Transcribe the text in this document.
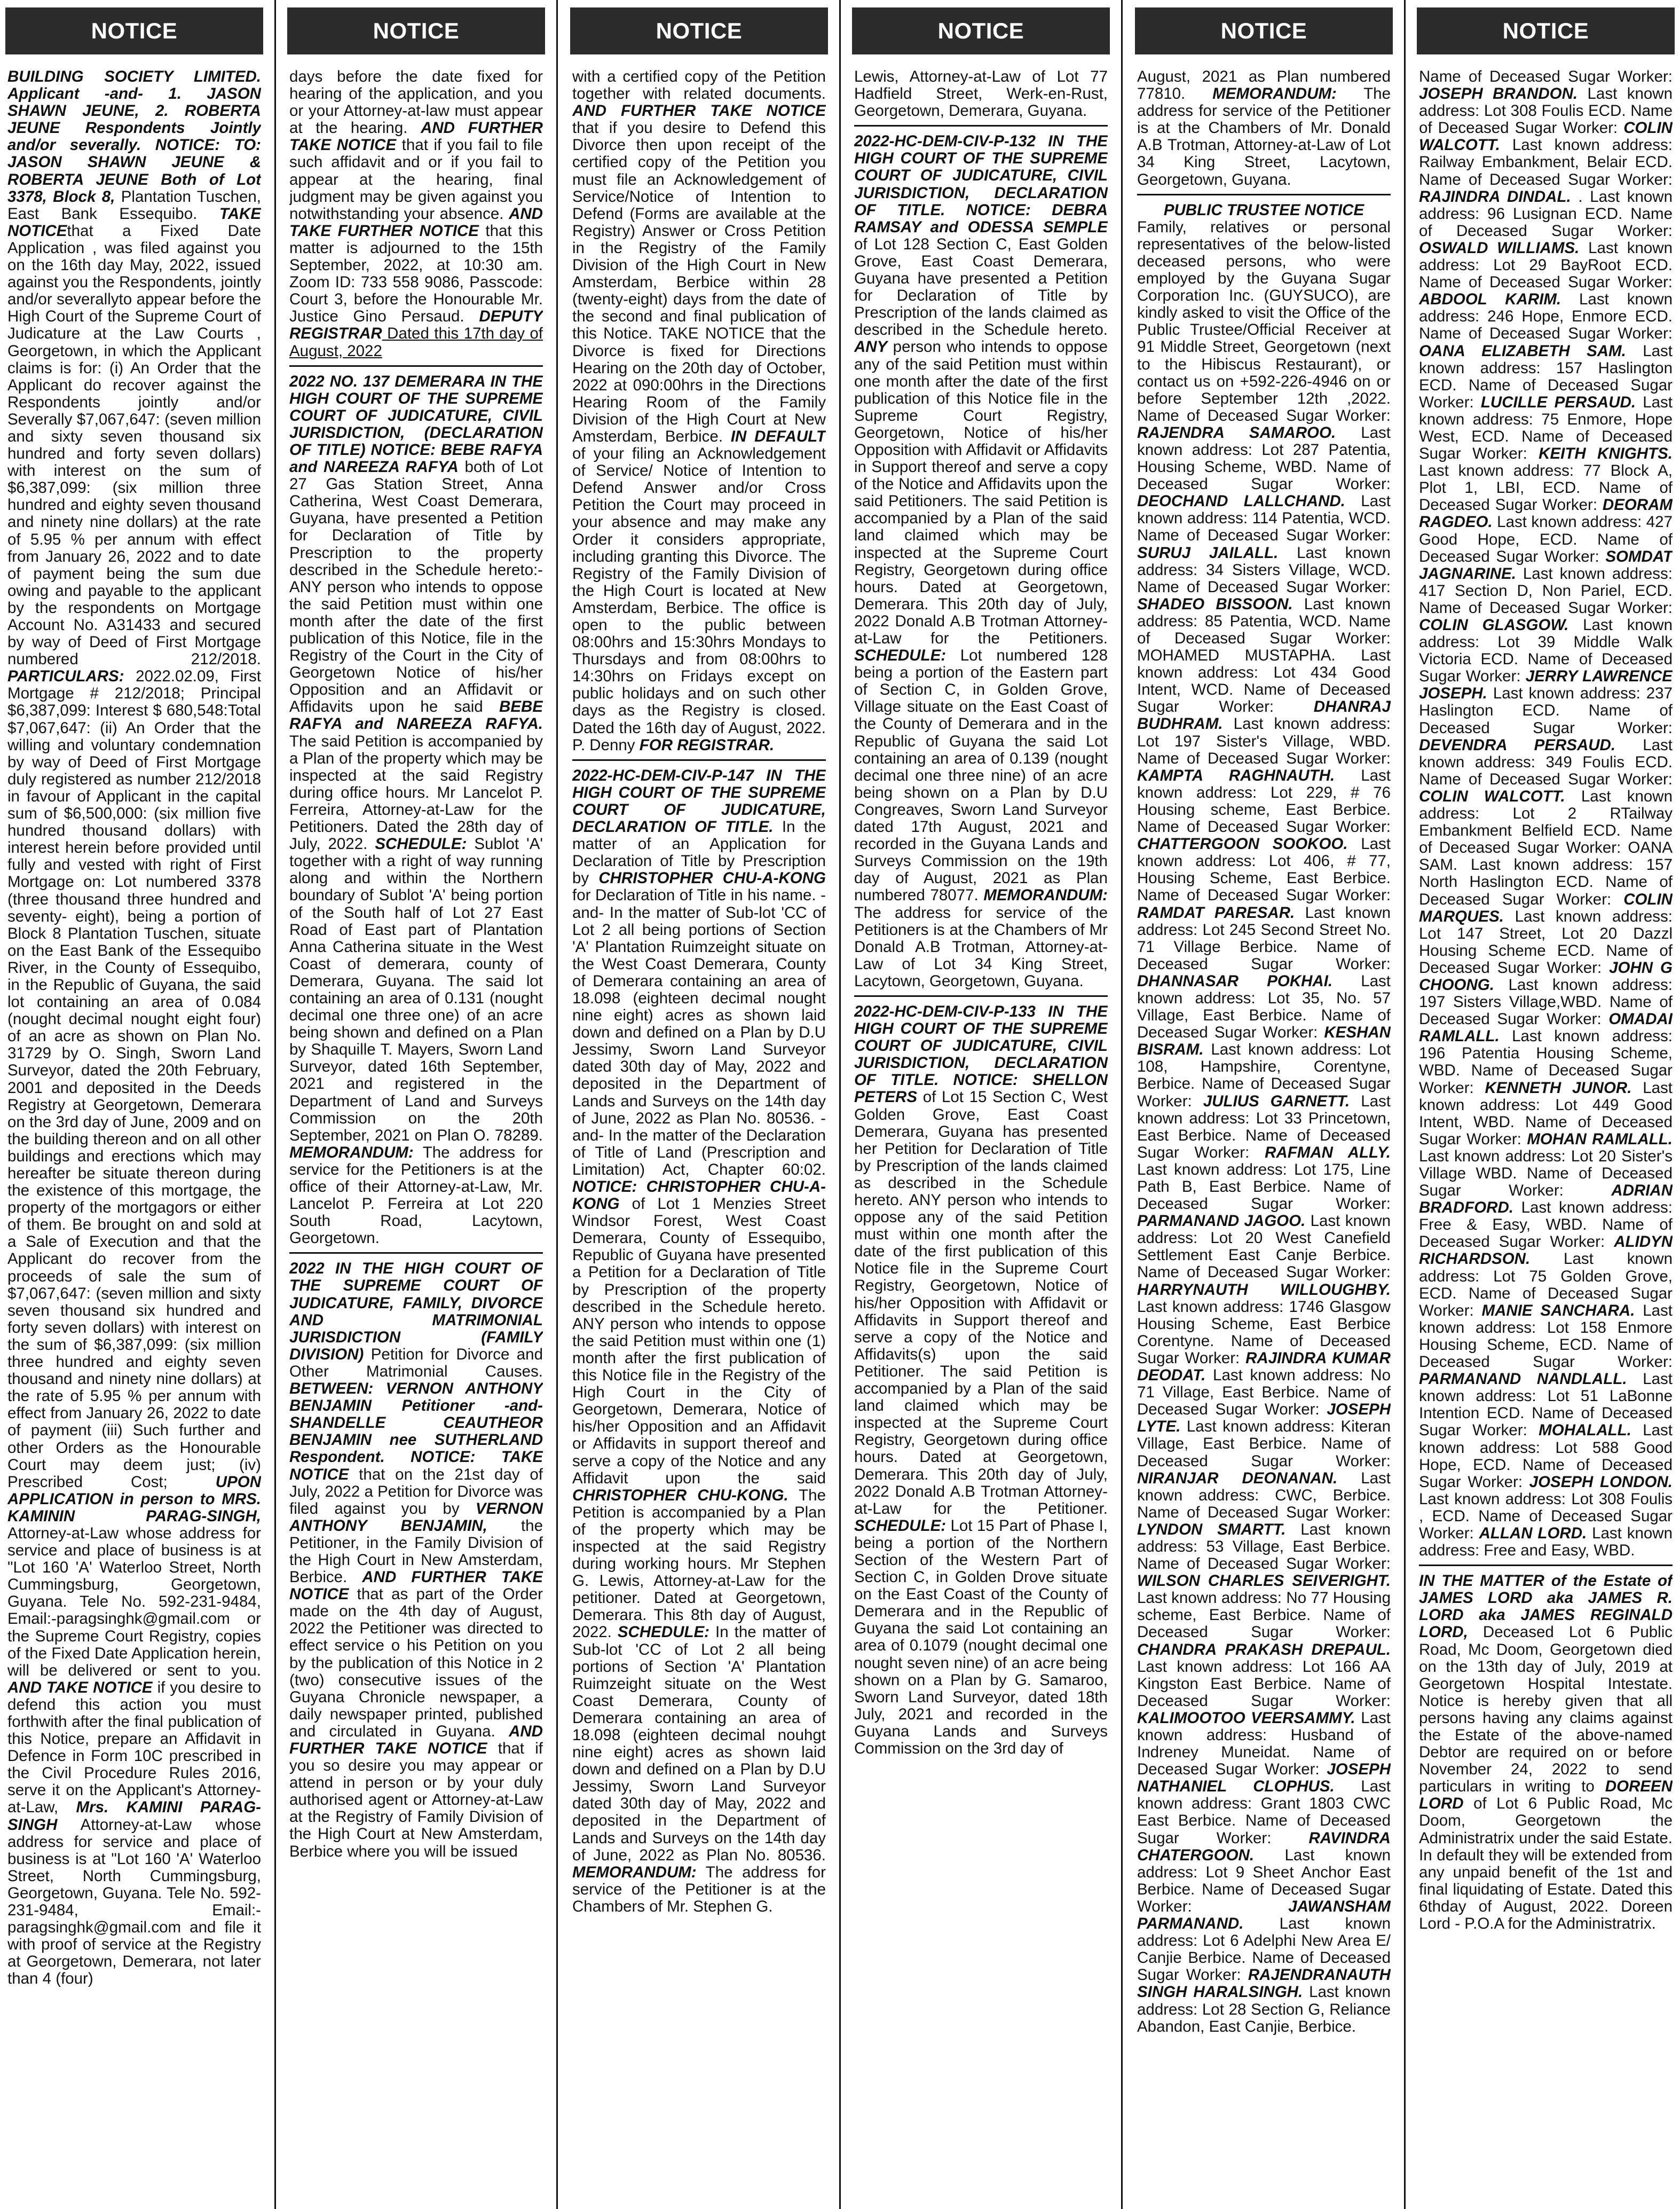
NOTICE

BUILDING SOCIETY LIMITED. Applicant -and- 1. JASON SHAWN JEUNE, 2. ROBERTA JEUNE Respondents Jointly and/or severally. NOTICE: TO: JASON SHAWN JEUNE & ROBERTA JEUNE Both of Lot 3378, Block 8, Plantation Tuschen, East Bank Essequibo. TAKE NOTICEthat a Fixed Date Application , was filed against you on the 16th day May, 2022, issued against you the Respondents, jointly and/or severallyto appear before the High Court of the Supreme Court of Judicature at the Law Courts , Georgetown, in which the Applicant claims is for: (i) An Order that the Applicant do recover against the Respondents jointly and/or Severally $7,067,647: (seven million and sixty seven thousand six hundred and forty seven dollars) with interest on the sum of $6,387,099: (six million three hundred and eighty seven thousand and ninety nine dollars) at the rate of 5.95 % per annum with effect from January 26, 2022 and to date of payment being the sum due owing and payable to the applicant by the respondents on Mortgage Account No. A31433 and secured by way of Deed of First Mortgage numbered 212/2018. PARTICULARS: 2022.02.09, First Mortgage # 212/2018; Principal $6,387,099: Interest $ 680,548:Total $7,067,647: (ii) An Order that the willing and voluntary condemnation by way of Deed of First Mortgage duly registered as number 212/2018 in favour of Applicant in the capital sum of $6,500,000: (six million five hundred thousand dollars) with interest herein before provided until fully and vested with right of First Mortgage on: Lot numbered 3378 (three thousand three hundred and seventy- eight), being a portion of Block 8 Plantation Tuschen, situate on the East Bank of the Essequibo River, in the County of Essequibo, in the Republic of Guyana, the said lot containing an area of 0.084 (nought decimal nought eight four) of an acre as shown on Plan No. 31729 by O. Singh, Sworn Land Surveyor, dated the 20th February, 2001 and deposited in the Deeds Registry at Georgetown, Demerara on the 3rd day of June, 2009 and on the building thereon and on all other buildings and erections which may hereafter be situate thereon during the existence of this mortgage, the property of the mortgagors or either of them. Be brought on and sold at a Sale of Execution and that the Applicant do recover from the proceeds of sale the sum of $7,067,647: (seven million and sixty seven thousand six hundred and forty seven dollars) with interest on the sum of $6,387,099: (six million three hundred and eighty seven thousand and ninety nine dollars) at the rate of 5.95 % per annum with effect from January 26, 2022 to date of payment (iii) Such further and other Orders as the Honourable Court may deem just; (iv) Prescribed Cost; UPON APPLICATION in person to MRS. KAMININ PARAG-SINGH, Attorney-at-Law whose address for service and place of business is at "Lot 160 'A' Waterloo Street, North Cummingsburg, Georgetown, Guyana. Tele No. 592-231-9484, Email:-paragsinghk@gmail.com or the Supreme Court Registry, copies of the Fixed Date Application herein, will be delivered or sent to you. AND TAKE NOTICE if you desire to defend this action you must forthwith after the final publication of this Notice, prepare an Affidavit in Defence in Form 10C prescribed in the Civil Procedure Rules 2016, serve it on the Applicant's Attorney-at-Law, Mrs. KAMINI PARAG-SINGH Attorney-at-Law whose address for service and place of business is at "Lot 160 'A' Waterloo Street, North Cummingsburg, Georgetown, Guyana. Tele No. 592-231-9484, Email:-paragsinghk@gmail.com and file it with proof of service at the Registry at Georgetown, Demerara, not later than 4 (four)

NOTICE

days before the date fixed for hearing of the application, and you or your Attorney-at-law must appear at the hearing. AND FURTHER TAKE NOTICE that if you fail to file such affidavit and or if you fail to appear at the hearing, final judgment may be given against you notwithstanding your absence. AND TAKE FURTHER NOTICE that this matter is adjourned to the 15th September, 2022, at 10:30 am. Zoom ID: 733 558 9086, Passcode: Court 3, before the Honourable Mr. Justice Gino Persaud. DEPUTY REGISTRAR Dated this 17th day of August, 2022

2022 NO. 137 DEMERARA IN THE HIGH COURT OF THE SUPREME COURT OF JUDICATURE, CIVIL JURISDICTION, (DECLARATION OF TITLE) NOTICE: BEBE RAFYA and NAREEZA RAFYA both of Lot 27 Gas Station Street, Anna Catherina, West Coast Demerara, Guyana, have presented a Petition for Declaration of Title by Prescription to the property described in the Schedule hereto:- ANY person who intends to oppose the said Petition must within one month after the date of the first publication of this Notice, file in the Registry of the Court in the City of Georgetown Notice of his/her Opposition and an Affidavit or Affidavits upon he said BEBE RAFYA and NAREEZA RAFYA. The said Petition is accompanied by a Plan of the property which may be inspected at the said Registry during office hours. Mr Lancelot P. Ferreira, Attorney-at-Law for the Petitioners. Dated the 28th day of July, 2022. SCHEDULE: Sublot 'A' together with a right of way running along and within the Northern boundary of Sublot 'A' being portion of the South half of Lot 27 East Road of East part of Plantation Anna Catherina situate in the West Coast of demerara, county of Demerara, Guyana. The said lot containing an area of 0.131 (nought decimal one three one) of an acre being shown and defined on a Plan by Shaquille T. Mayers, Sworn Land Surveyor, dated 16th September, 2021 and registered in the Department of Land and Surveys Commission on the 20th September, 2021 on Plan O. 78289. MEMORANDUM: The address for service for the Petitioners is at the office of their Attorney-at-Law, Mr. Lancelot P. Ferreira at Lot 220 South Road, Lacytown, Georgetown.

2022 IN THE HIGH COURT OF THE SUPREME COURT OF JUDICATURE, FAMILY, DIVORCE AND MATRIMONIAL JURISDICTION (FAMILY DIVISION) Petition for Divorce and Other Matrimonial Causes. BETWEEN: VERNON ANTHONY BENJAMIN Petitioner -and- SHANDELLE CEAUTHEOR BENJAMIN nee SUTHERLAND Respondent. NOTICE: TAKE NOTICE that on the 21st day of July, 2022 a Petition for Divorce was filed against you by VERNON ANTHONY BENJAMIN, the Petitioner, in the Family Division of the High Court in New Amsterdam, Berbice. AND FURTHER TAKE NOTICE that as part of the Order made on the 4th day of August, 2022 the Petitioner was directed to effect service o his Petition on you by the publication of this Notice in 2 (two) consecutive issues of the Guyana Chronicle newspaper, a daily newspaper printed, published and circulated in Guyana. AND FURTHER TAKE NOTICE that if you so desire you may appear or attend in person or by your duly authorised agent or Attorney-at-Law at the Registry of Family Division of the High Court at New Amsterdam, Berbice where you will be issued

NOTICE

with a certified copy of the Petition together with related documents. AND FURTHER TAKE NOTICE that if you desire to Defend this Divorce then upon receipt of the certified copy of the Petition you must file an Acknowledgement of Service/Notice of Intention to Defend (Forms are available at the Registry) Answer or Cross Petition in the Registry of the Family Division of the High Court in New Amsterdam, Berbice within 28 (twenty-eight) days from the date of the second and final publication of this Notice. TAKE NOTICE that the Divorce is fixed for Directions Hearing on the 20th day of October, 2022 at 090:00hrs in the Directions Hearing Room of the Family Division of the High Court at New Amsterdam, Berbice. IN DEFAULT of your filing an Acknowledgement of Service/ Notice of Intention to Defend Answer and/or Cross Petition the Court may proceed in your absence and may make any Order it considers appropriate, including granting this Divorce. The Registry of the Family Division of the High Court is located at New Amsterdam, Berbice. The office is open to the public between 08:00hrs and 15:30hrs Mondays to Thursdays and from 08:00hrs to 14:30hrs on Fridays except on public holidays and on such other days as the Registry is closed. Dated the 16th day of August, 2022. P. Denny FOR REGISTRAR.

2022-HC-DEM-CIV-P-147 IN THE HIGH COURT OF THE SUPREME COURT OF JUDICATURE, DECLARATION OF TITLE. In the matter of an Application for Declaration of Title by Prescription by CHRISTOPHER CHU-A-KONG for Declaration of Title in his name. -and- In the matter of Sub-lot 'CC of Lot 2 all being portions of Section 'A' Plantation Ruimzeight situate on the West Coast Demerara, County of Demerara containing an area of 18.098 (eighteen decimal nought nine eight) acres as shown laid down and defined on a Plan by D.U Jessimy, Sworn Land Surveyor dated 30th day of May, 2022 and deposited in the Department of Lands and Surveys on the 14th day of June, 2022 as Plan No. 80536. -and- In the matter of the Declaration of Title of Land (Prescription and Limitation) Act, Chapter 60:02. NOTICE: CHRISTOPHER CHU-A-KONG of Lot 1 Menzies Street Windsor Forest, West Coast Demerara, County of Essequibo, Republic of Guyana have presented a Petition for a Declaration of Title by Prescription of the property described in the Schedule hereto. ANY person who intends to oppose the said Petition must within one (1) month after the first publication of this Notice file in the Registry of the High Court in the City of Georgetown, Demerara, Notice of his/her Opposition and an Affidavit or Affidavits in support thereof and serve a copy of the Notice and any Affidavit upon the said CHRISTOPHER CHU-KONG. The Petition is accompanied by a Plan of the property which may be inspected at the said Registry during working hours. Mr Stephen G. Lewis, Attorney-at-Law for the petitioner. Dated at Georgetown, Demerara. This 8th day of August, 2022. SCHEDULE: In the matter of Sub-lot 'CC of Lot 2 all being portions of Section 'A' Plantation Ruimzeight situate on the West Coast Demerara, County of Demerara containing an area of 18.098 (eighteen decimal nouhgt nine eight) acres as shown laid down and defined on a Plan by D.U Jessimy, Sworn Land Surveyor dated 30th day of May, 2022 and deposited in the Department of Lands and Surveys on the 14th day of June, 2022 as Plan No. 80536. MEMORANDUM: The address for service of the Petitioner is at the Chambers of Mr. Stephen G.

NOTICE

Lewis, Attorney-at-Law of Lot 77 Hadfield Street, Werk-en-Rust, Georgetown, Demerara, Guyana.

2022-HC-DEM-CIV-P-132 IN THE HIGH COURT OF THE SUPREME COURT OF JUDICATURE, CIVIL JURISDICTION, DECLARATION OF TITLE. NOTICE: DEBRA RAMSAY and ODESSA SEMPLE of Lot 128 Section C, East Golden Grove, East Coast Demerara, Guyana have presented a Petition for Declaration of Title by Prescription of the lands claimed as described in the Schedule hereto. ANY person who intends to oppose any of the said Petition must within one month after the date of the first publication of this Notice file in the Supreme Court Registry, Georgetown, Notice of his/her Opposition with Affidavit or Affidavits in Support thereof and serve a copy of the Notice and Affidavits upon the said Petitioners. The said Petition is accompanied by a Plan of the said land claimed which may be inspected at the Supreme Court Registry, Georgetown during office hours. Dated at Georgetown, Demerara. This 20th day of July, 2022 Donald A.B Trotman Attorney-at-Law for the Petitioners. SCHEDULE: Lot numbered 128 being a portion of the Eastern part of Section C, in Golden Grove, Village situate on the East Coast of the County of Demerara and in the Republic of Guyana the said Lot containing an area of 0.139 (nought decimal one three nine) of an acre being shown on a Plan by D.U Congreaves, Sworn Land Surveyor dated 17th August, 2021 and recorded in the Guyana Lands and Surveys Commission on the 19th day of August, 2021 as Plan numbered 78077. MEMORANDUM: The address for service of the Petitioners is at the Chambers of Mr Donald A.B Trotman, Attorney-at-Law of Lot 34 King Street, Lacytown, Georgetown, Guyana.

2022-HC-DEM-CIV-P-133 IN THE HIGH COURT OF THE SUPREME COURT OF JUDICATURE, CIVIL JURISDICTION, DECLARATION OF TITLE. NOTICE: SHELLON PETERS of Lot 15 Section C, West Golden Grove, East Coast Demerara, Guyana has presented her Petition for Declaration of Title by Prescription of the lands claimed as described in the Schedule hereto. ANY person who intends to oppose any of the said Petition must within one month after the date of the first publication of this Notice file in the Supreme Court Registry, Georgetown, Notice of his/her Opposition with Affidavit or Affidavits in Support thereof and serve a copy of the Notice and Affidavits(s) upon the said Petitioner. The said Petition is accompanied by a Plan of the said land claimed which may be inspected at the Supreme Court Registry, Georgetown during office hours. Dated at Georgetown, Demerara. This 20th day of July, 2022 Donald A.B Trotman Attorney-at-Law for the Petitioner. SCHEDULE: Lot 15 Part of Phase I, being a portion of the Northern Section of the Western Part of Section C, in Golden Drove situate on the East Coast of the County of Demerara and in the Republic of Guyana the said Lot containing an area of 0.1079 (nought decimal one nought seven nine) of an acre being shown on a Plan by G. Samaroo, Sworn Land Surveyor, dated 18th July, 2021 and recorded in the Guyana Lands and Surveys Commission on the 3rd day of

NOTICE

August, 2021 as Plan numbered 77810. MEMORANDUM: The address for service of the Petitioner is at the Chambers of Mr. Donald A.B Trotman, Attorney-at-Law of Lot 34 King Street, Lacytown, Georgetown, Guyana.

PUBLIC TRUSTEE NOTICE
Family, relatives or personal representatives of the below-listed deceased persons, who were employed by the Guyana Sugar Corporation Inc. (GUYSUCO), are kindly asked to visit the Office of the Public Trustee/Official Receiver at 91 Middle Street, Georgetown (next to the Hibiscus Restaurant), or contact us on +592-226-4946 on or before September 12th ,2022. Name of Deceased Sugar Worker: RAJENDRA SAMAROO. Last known address: Lot 287 Patentia, Housing Scheme, WBD. Name of Deceased Sugar Worker: DEOCHAND LALLCHAND. Last known address: 114 Patentia, WCD. Name of Deceased Sugar Worker: SURUJ JAILALL. Last known address: 34 Sisters Village, WCD. Name of Deceased Sugar Worker: SHADEO BISSOON. Last known address: 85 Patentia, WCD. Name of Deceased Sugar Worker: MOHAMED MUSTAPHA. Last known address: Lot 434 Good Intent, WCD. Name of Deceased Sugar Worker: DHANRAJ BUDHRAM. Last known address: Lot 197 Sister's Village, WBD. Name of Deceased Sugar Worker: KAMPTA RAGHNAUTH. Last known address: Lot 229, # 76 Housing scheme, East Berbice. Name of Deceased Sugar Worker: CHATTERGOON SOOKOO. Last known address: Lot 406, # 77, Housing Scheme, East Berbice. Name of Deceased Sugar Worker: RAMDAT PARESAR. Last known address: Lot 245 Second Street No. 71 Village Berbice. Name of Deceased Sugar Worker: DHANNASAR POKHAI. Last known address: Lot 35, No. 57 Village, East Berbice. Name of Deceased Sugar Worker: KESHAN BISRAM. Last known address: Lot 108, Hampshire, Corentyne, Berbice. Name of Deceased Sugar Worker: JULIUS GARNETT. Last known address: Lot 33 Princetown, East Berbice. Name of Deceased Sugar Worker: RAFMAN ALLY. Last known address: Lot 175, Line Path B, East Berbice. Name of Deceased Sugar Worker: PARMANAND JAGOO. Last known address: Lot 20 West Canefield Settlement East Canje Berbice. Name of Deceased Sugar Worker: HARRYNAUTH WILLOUGHBY. Last known address: 1746 Glasgow Housing Scheme, East Berbice Corentyne. Name of Deceased Sugar Worker: RAJINDRA KUMAR DEODAT. Last known address: No 71 Village, East Berbice. Name of Deceased Sugar Worker: JOSEPH LYTE. Last known address: Kiteran Village, East Berbice. Name of Deceased Sugar Worker: NIRANJAR DEONANAN. Last known address: CWC, Berbice. Name of Deceased Sugar Worker: LYNDON SMARTT. Last known address: 53 Village, East Berbice. Name of Deceased Sugar Worker: WILSON CHARLES SEIVERIGHT. Last known address: No 77 Housing scheme, East Berbice. Name of Deceased Sugar Worker: CHANDRA PRAKASH DREPAUL. Last known address: Lot 166 AA Kingston East Berbice. Name of Deceased Sugar Worker: KALIMOOTOO VEERSAMMY. Last known address: Husband of Indreney Muneidat. Name of Deceased Sugar Worker: JOSEPH NATHANIEL CLOPHUS. Last known address: Grant 1803 CWC East Berbice. Name of Deceased Sugar Worker: RAVINDRA CHATERGOON. Last known address: Lot 9 Sheet Anchor East Berbice. Name of Deceased Sugar Worker: JAWANSHAM PARMANAND. Last known address: Lot 6 Adelphi New Area E/ Canjie Berbice. Name of Deceased Sugar Worker: RAJENDRANAUTH SINGH HARALSINGH. Last known address: Lot 28 Section G, Reliance Abandon, East Canjie, Berbice.

NOTICE

Name of Deceased Sugar Worker: JOSEPH BRANDON. Last known address: Lot 308 Foulis ECD. Name of Deceased Sugar Worker: COLIN WALCOTT. Last known address: Railway Embankment, Belair ECD. Name of Deceased Sugar Worker: RAJINDRA DINDAL. . Last known address: 96 Lusignan ECD. Name of Deceased Sugar Worker: OSWALD WILLIAMS. Last known address: Lot 29 BayRoot ECD. Name of Deceased Sugar Worker: ABDOOL KARIM. Last known address: 246 Hope, Enmore ECD. Name of Deceased Sugar Worker: OANA ELIZABETH SAM. Last known address: 157 Haslington ECD. Name of Deceased Sugar Worker: LUCILLE PERSAUD. Last known address: 75 Enmore, Hope West, ECD. Name of Deceased Sugar Worker: KEITH KNIGHTS. Last known address: 77 Block A, Plot 1, LBI, ECD. Name of Deceased Sugar Worker: DEORAM RAGDEO. Last known address: 427 Good Hope, ECD. Name of Deceased Sugar Worker: SOMDAT JAGNARINE. Last known address: 417 Section D, Non Pariel, ECD. Name of Deceased Sugar Worker: COLIN GLASGOW. Last known address: Lot 39 Middle Walk Victoria ECD. Name of Deceased Sugar Worker: JERRY LAWRENCE JOSEPH. Last known address: 237 Haslington ECD. Name of Deceased Sugar Worker: DEVENDRA PERSAUD. Last known address: 349 Foulis ECD. Name of Deceased Sugar Worker: COLIN WALCOTT. Last known address: Lot 2 RTailway Embankment Belfield ECD. Name of Deceased Sugar Worker: OANA SAM. Last known address: 157 North Haslington ECD. Name of Deceased Sugar Worker: COLIN MARQUES. Last known address: Lot 147 Street, Lot 20 Dazzl Housing Scheme ECD. Name of Deceased Sugar Worker: JOHN G CHOONG. Last known address: 197 Sisters Village,WBD. Name of Deceased Sugar Worker: OMADAI RAMLALL. Last known address: 196 Patentia Housing Scheme, WBD. Name of Deceased Sugar Worker: KENNETH JUNOR. Last known address: Lot 449 Good Intent, WBD. Name of Deceased Sugar Worker: MOHAN RAMLALL. Last known address: Lot 20 Sister's Village WBD. Name of Deceased Sugar Worker: ADRIAN BRADFORD. Last known address: Free & Easy, WBD. Name of Deceased Sugar Worker: ALIDYN RICHARDSON. Last known address: Lot 75 Golden Grove, ECD. Name of Deceased Sugar Worker: MANIE SANCHARA. Last known address: Lot 158 Enmore Housing Scheme, ECD. Name of Deceased Sugar Worker: PARMANAND NANDLALL. Last known address: Lot 51 LaBonne Intention ECD. Name of Deceased Sugar Worker: MOHALALL. Last known address: Lot 588 Good Hope, ECD. Name of Deceased Sugar Worker: JOSEPH LONDON. Last known address: Lot 308 Foulis , ECD. Name of Deceased Sugar Worker: ALLAN LORD. Last known address: Free and Easy, WBD.

IN THE MATTER of the Estate of JAMES LORD aka JAMES R. LORD aka JAMES REGINALD LORD, Deceased Lot 6 Public Road, Mc Doom, Georgetown died on the 13th day of July, 2019 at Georgetown Hospital Intestate. Notice is hereby given that all persons having any claims against the Estate of the above-named Debtor are required on or before November 24, 2022 to send particulars in writing to DOREEN LORD of Lot 6 Public Road, Mc Doom, Georgetown the Administratrix under the said Estate. In default they will be extended from any unpaid benefit of the 1st and final liquidating of Estate. Dated this 6thday of August, 2022. Doreen Lord - P.O.A for the Administratrix.
